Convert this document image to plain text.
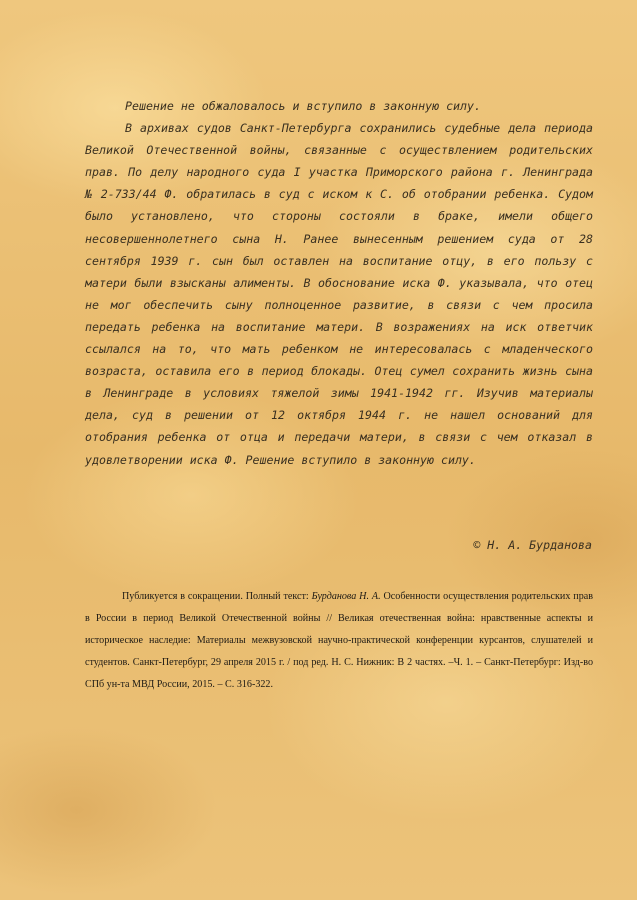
Решение не обжаловалось и вступило в законную силу.

В архивах судов Санкт-Петербурга сохранились судебные дела периода Великой Отечественной войны, связанные с осуществлением родительских прав. По делу народного суда I участка Приморского района г. Ленинграда № 2-733/44 Ф. обратилась в суд с иском к С. об отобрании ребенка. Судом было установлено, что стороны состояли в браке, имели общего несовершеннолетнего сына Н. Ранее вынесенным решением суда от 28 сентября 1939 г. сын был оставлен на воспитание отцу, в его пользу с матери были взысканы алименты. В обоснование иска Ф. указывала, что отец не мог обеспечить сыну полноценное развитие, в связи с чем просила передать ребенка на воспитание матери. В возражениях на иск ответчик ссылался на то, что мать ребенком не интересовалась с младенческого возраста, оставила его в период блокады. Отец сумел сохранить жизнь сына в Ленинграде в условиях тяжелой зимы 1941-1942 гг. Изучив материалы дела, суд в решении от 12 октября 1944 г. не нашел оснований для отобрания ребенка от отца и передачи матери, в связи с чем отказал в удовлетворении иска Ф. Решение вступило в законную силу.

© Н. А. Бурданова

Публикуется в сокращении. Полный текст: Бурданова Н. А. Особенности осуществления родительских прав в России в период Великой Отечественной войны // Великая отечественная война: нравственные аспекты и историческое наследие: Материалы межвузовской научно-практической конференции курсантов, слушателей и студентов. Санкт-Петербург, 29 апреля 2015 г. / под ред. Н. С. Нижник: В 2 частях. –Ч. 1. – Санкт-Петербург: Изд-во СПб ун-та МВД России, 2015. – С. 316-322.
